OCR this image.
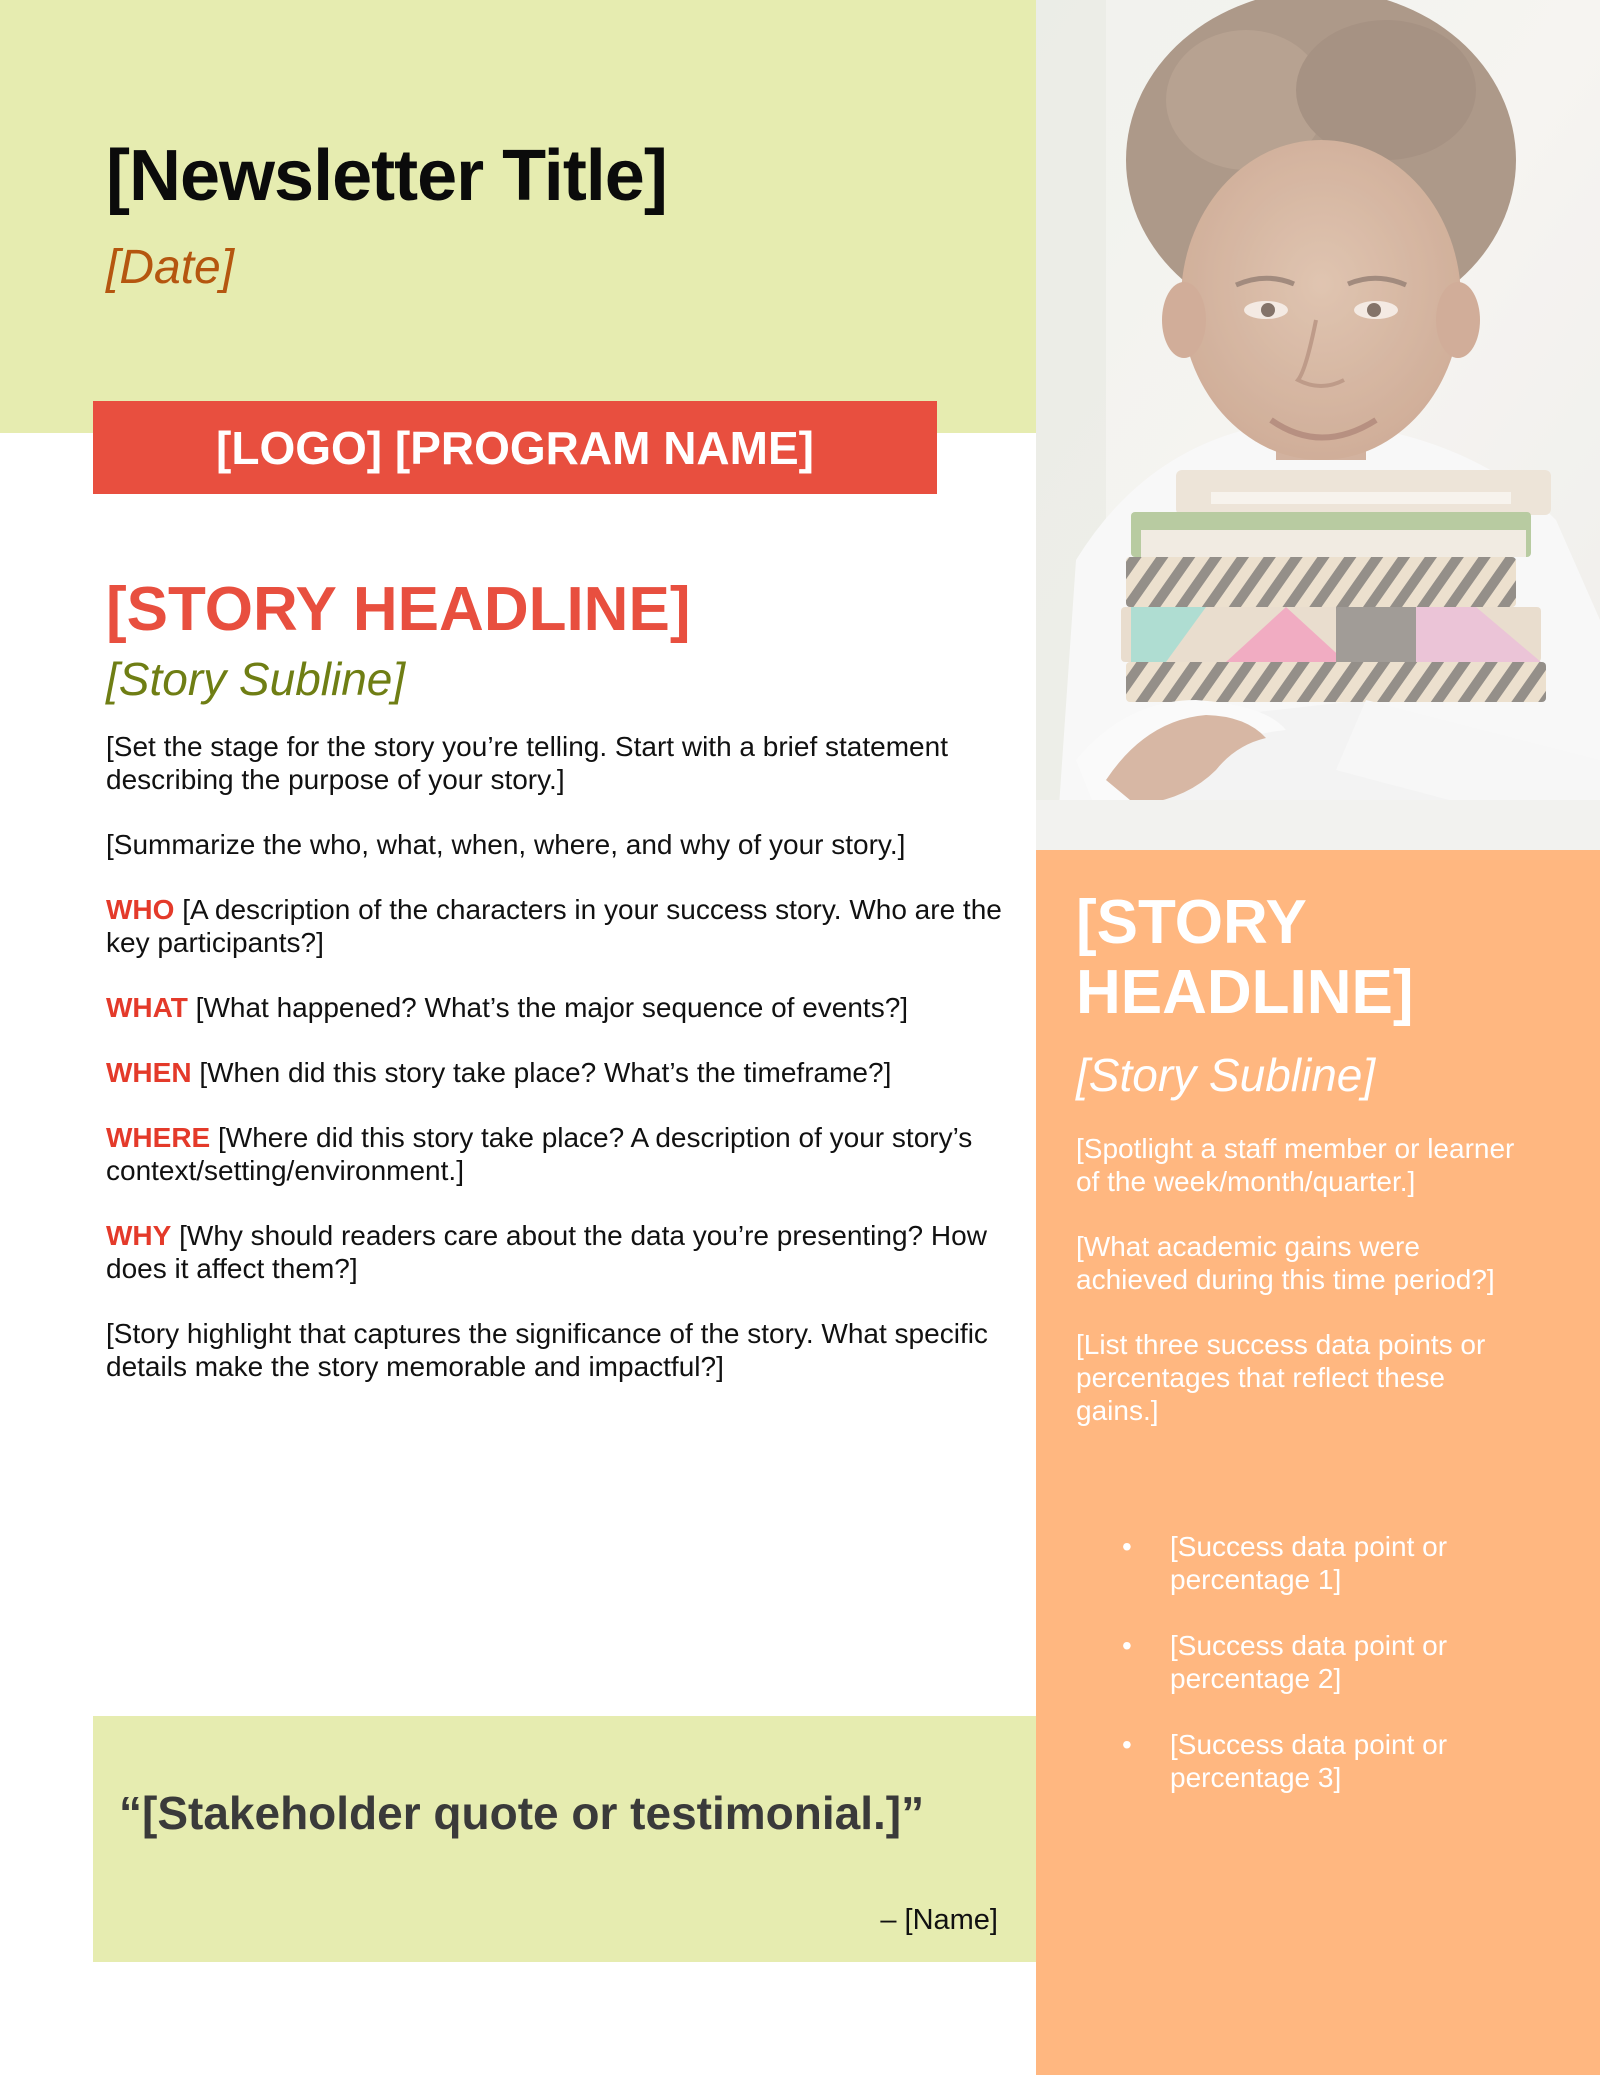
[Newsletter Title]
[Date]
[LOGO] [PROGRAM NAME]
[STORY HEADLINE]
[Story Subline]

[Set the stage for the story you’re telling. Start with a brief statement describing the purpose of your story.]

[Summarize the who, what, when, where, and why of your story.]

WHO [A description of the characters in your success story. Who are the key participants?]

WHAT [What happened? What’s the major sequence of events?]

WHEN [When did this story take place? What’s the timeframe?]

WHERE [Where did this story take place? A description of your story’s context/setting/environment.]

WHY [Why should readers care about the data you’re presenting? How does it affect them?]

[Story highlight that captures the significance of the story. What specific details make the story memorable and impactful?]

“[Stakeholder quote or testimonial.]”
– [Name]
[STORY HEADLINE]
[Story Subline]

[Spotlight a staff member or learner of the week/month/quarter.]

[What academic gains were achieved during this time period?]

[List three success data points or percentages that reflect these gains.]

• [Success data point or percentage 1]
• [Success data point or percentage 2]
• [Success data point or percentage 3]
